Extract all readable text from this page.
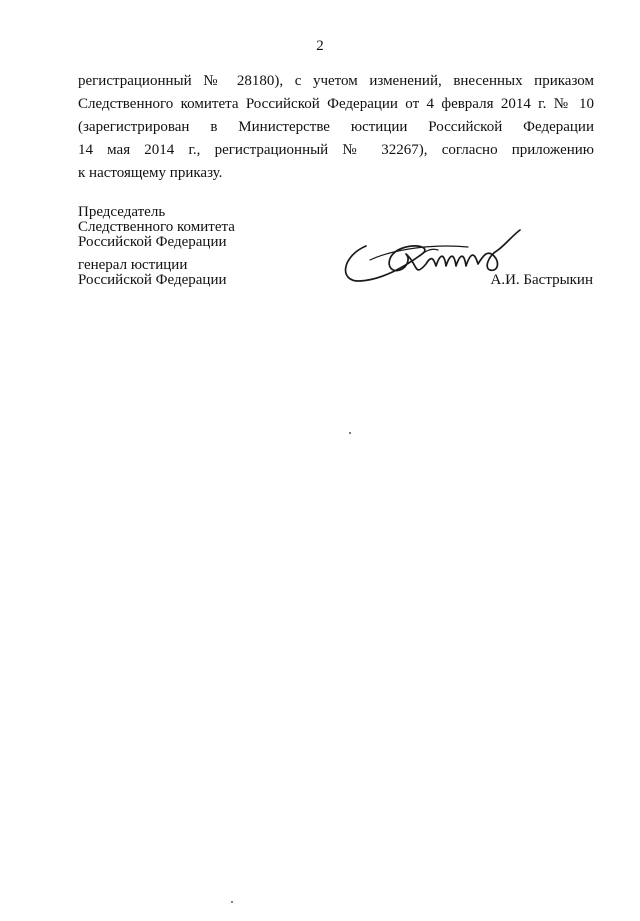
2
регистрационный № 28180), с учетом изменений, внесенных приказом
Следственного комитета Российской Федерации от 4 февраля 2014 г. № 10
(зарегистрирован в Министерстве юстиции Российской Федерации
14 мая 2014 г., регистрационный № 32267), согласно приложению
к настоящему приказу.
Председатель
Следственного комитета
Российской Федерации
генерал юстиции
Российской Федерации	А.И. Бастрыкин
